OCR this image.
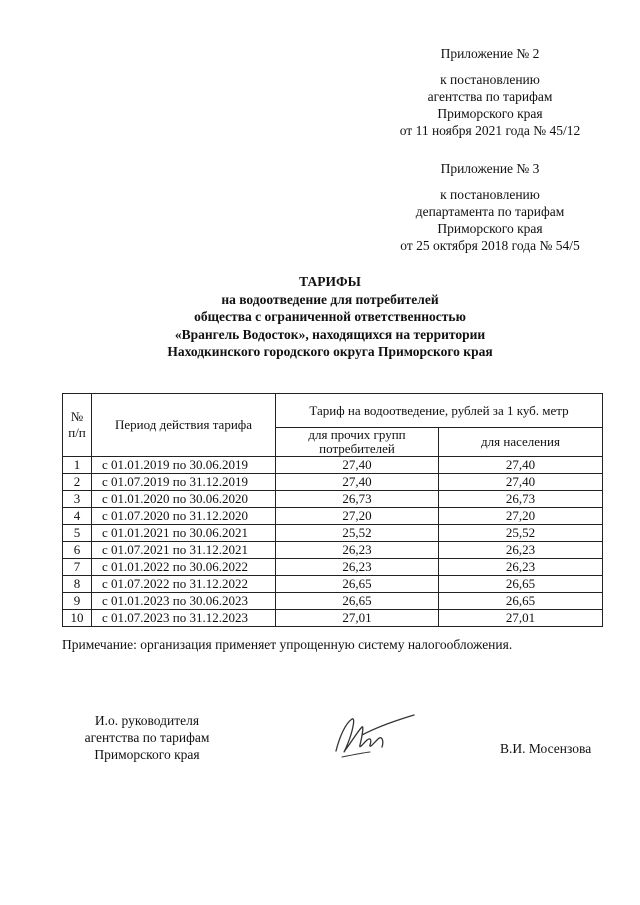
Приложение № 2
к постановлению
агентства по тарифам
Приморского края
от 11 ноября 2021 года № 45/12
Приложение № 3
к постановлению
департамента по тарифам
Приморского края
от 25 октября 2018 года № 54/5
ТАРИФЫ
на водоотведение для потребителей
общества с ограниченной ответственностью
«Врангель Водосток», находящихся на территории
Находкинского городского округа Приморского края
№
п/п	Период действия тарифа	Тариф на водоотведение, рублей за 1 куб. метр	
		для прочих групп потребителей	для населения
1	с 01.01.2019 по 30.06.2019	27,40	27,40
2	с 01.07.2019 по 31.12.2019	27,40	27,40
3	с 01.01.2020 по 30.06.2020	26,73	26,73
4	с 01.07.2020 по 31.12.2020	27,20	27,20
5	с 01.01.2021 по 30.06.2021	25,52	25,52
6	с 01.07.2021 по 31.12.2021	26,23	26,23
7	с 01.01.2022 по 30.06.2022	26,23	26,23
8	с 01.07.2022 по 31.12.2022	26,65	26,65
9	с 01.01.2023 по 30.06.2023	26,65	26,65
10	с 01.07.2023 по 31.12.2023	27,01	27,01
Примечание: организация применяет упрощенную систему налогообложения.
И.о. руководителя
агентства по тарифам
Приморского края	В.И. Мосензова
